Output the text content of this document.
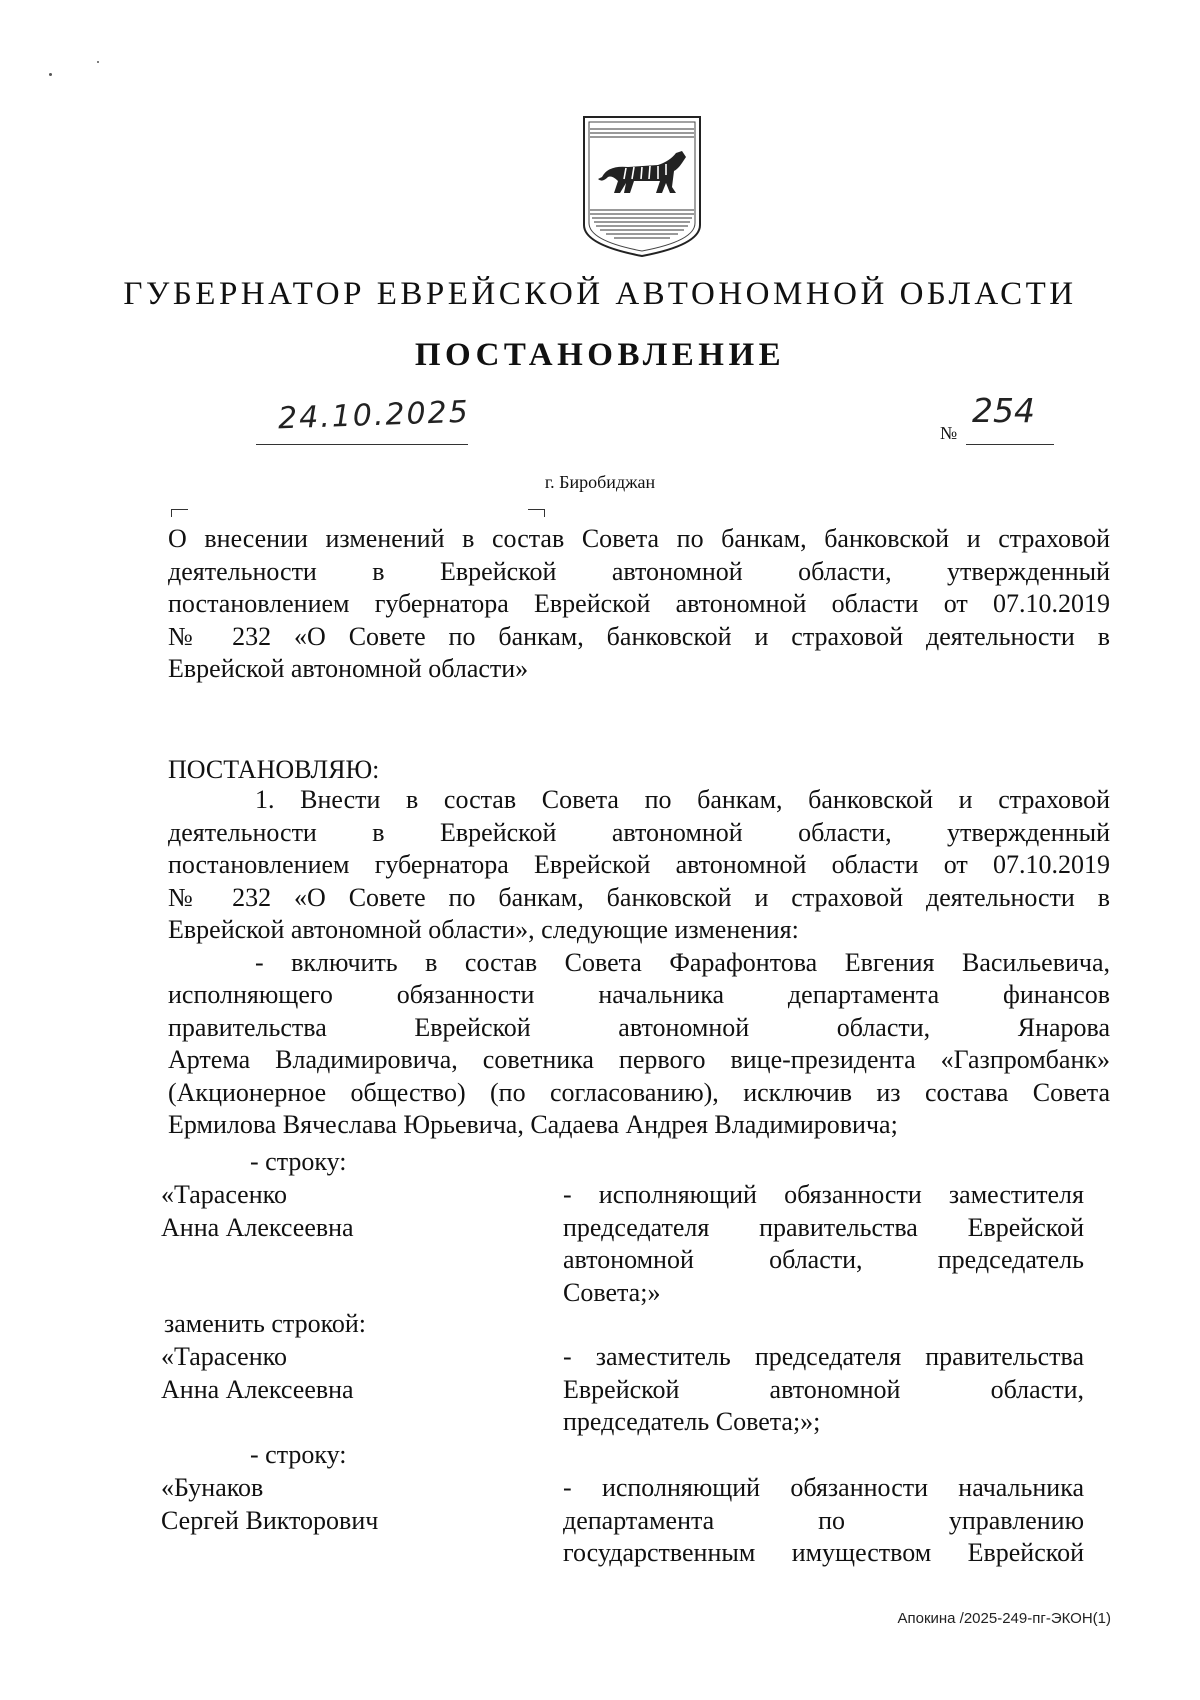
ГУБЕРНАТОР ЕВРЕЙСКОЙ АВТОНОМНОЙ ОБЛАСТИ
ПОСТАНОВЛЕНИЕ
24.10.2025	№
254
г. Биробиджан
О внесении изменений в состав Совета по банкам, банковской и страховой
деятельности в Еврейской автономной области, утвержденный
постановлением губернатора Еврейской автономной области от 07.10.2019
№ 232 «О Совете по банкам, банковской и страховой деятельности в
Еврейской автономной области»
ПОСТАНОВЛЯЮ:
1. Внести в состав Совета по банкам, банковской и страховой
деятельности в Еврейской автономной области, утвержденный
постановлением губернатора Еврейской автономной области от 07.10.2019
№ 232 «О Совете по банкам, банковской и страховой деятельности в
Еврейской автономной области», следующие изменения:
- включить в состав Совета Фарафонтова Евгения Васильевича,
исполняющего обязанности начальника департамента финансов
правительства Еврейской автономной области, Янарова
Артема Владимировича, советника первого вице-президента «Газпромбанк»
(Акционерное общество) (по согласованию), исключив из состава Совета
Ермилова Вячеслава Юрьевича, Садаева Андрея Владимировича;
- строку:
«Тарасенко
Анна Алексеевна
- исполняющий обязанности заместителя
председателя правительства Еврейской
автономной области, председатель
Совета;»
заменить строкой:
«Тарасенко
Анна Алексеевна
- заместитель председателя правительства
Еврейской автономной области,
председатель Совета;»;
- строку:
«Бунаков
Сергей Викторович
- исполняющий обязанности начальника
департамента по управлению
государственным имуществом Еврейской
Апокина /2025-249-пг-ЭКОН(1)
